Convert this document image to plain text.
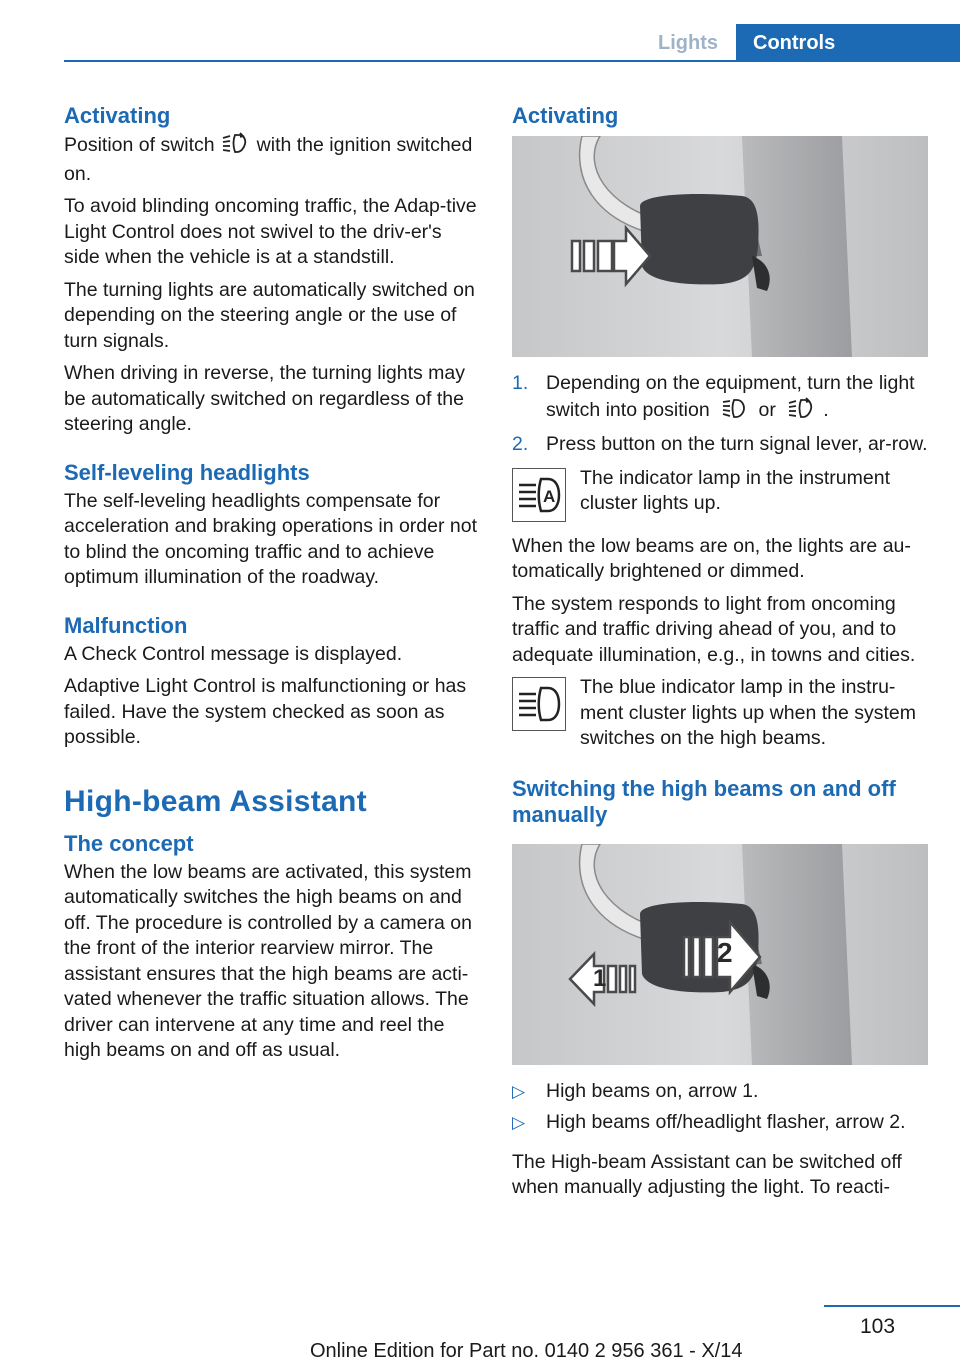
Lights	Controls
Activating

Position of switch with the ignition switched on.

To avoid blinding oncoming traffic, the Adap-tive Light Control does not swivel to the driv-er's side when the vehicle is at a standstill.

The turning lights are automatically switched on depending on the steering angle or the use of turn signals.

When driving in reverse, the turning lights may be automatically switched on regardless of the steering angle.

Self-leveling headlights

The self-leveling headlights compensate for acceleration and braking operations in order not to blind the oncoming traffic and to achieve optimum illumination of the roadway.

Malfunction

A Check Control message is displayed.

Adaptive Light Control is malfunctioning or has failed. Have the system checked as soon as possible.

High-beam Assistant
The concept

When the low beams are activated, this system automatically switches the high beams on and off. The procedure is controlled by a camera on the front of the interior rearview mirror. The assistant ensures that the high beams are acti-vated whenever the traffic situation allows. The driver can intervene at any time and reel the high beams on and off as usual.

Activating
1. Depending on the equipment, turn the light switch into position	or .
2. Press button on the turn signal lever, ar-row.
A
The indicator lamp in the instrument cluster lights up.

When the low beams are on, the lights are au-tomatically brightened or dimmed.

The system responds to light from oncoming traffic and traffic driving ahead of you, and to adequate illumination, e.g., in towns and cities.

The blue indicator lamp in the instru-ment cluster lights up when the system switches on the high beams.
Switching the high beams on and off manually
1
2
▷ High beams on, arrow 1.
▷ High beams off/headlight flasher, arrow 2.

The High-beam Assistant can be switched off when manually adjusting the light. To reacti-

103
Online Edition for Part no. 0140 2 956 361 - X/14
